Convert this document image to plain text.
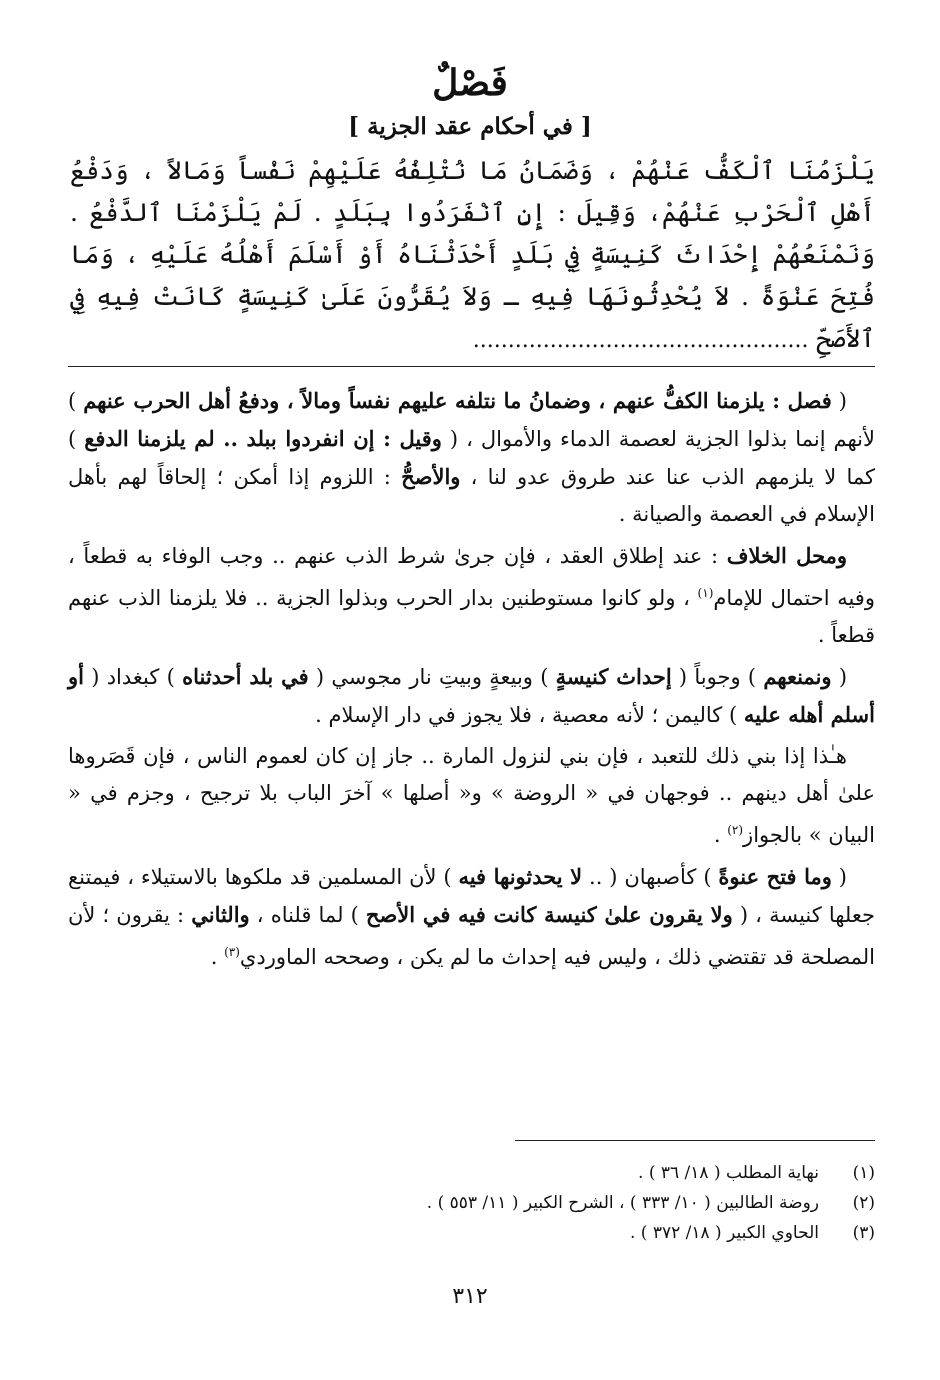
فَصْلٌ
[ في أحكام عقد الجزية ]
يَلْزَمُنَا ٱلْكَفُّ عَنْهُمْ ، وَضَمَانُ مَا نُتْلِفُهُ عَلَيْهِمْ نَفْساً وَمَالاً ، وَدَفْعُ أَهْلِ ٱلْحَرْبِ عَنْهُمْ، وَقِيلَ : إِنِ ٱنْفَرَدُوا بِبَلَدٍ . لَمْ يَلْزَمْنَا ٱلدَّفْعُ . وَنَمْنَعُهُمْ إِحْدَاثَ كَنِيسَةٍ فِي بَلَدٍ أَحْدَثْنَاهُ أَوْ أَسْلَمَ أَهْلُهُ عَلَيْهِ ، وَمَا فُتِحَ عَنْوَةً . لاَ يُحْدِثُونَهَا فِيهِ ـ وَلاَ يُقَرُّونَ عَلَىٰ كَنِيسَةٍ كَانَتْ فِيهِ فِي ٱلأَصَحِّ ................................................

( فصل : يلزمنا الكفُّ عنهم ، وضمانُ ما نتلفه عليهم نفساً ومالاً ، ودفعُ أهل الحرب عنهم ) لأنهم إنما بذلوا الجزية لعصمة الدماء والأموال ، ( وقيل : إن انفردوا ببلد .. لم يلزمنا الدفع ) كما لا يلزمهم الذب عنا عند طروق عدو لنا ، والأصحُّ : اللزوم إذا أمكن ؛ إلحاقاً لهم بأهل الإسلام في العصمة والصيانة .

ومحل الخلاف : عند إطلاق العقد ، فإن جرىٰ شرط الذب عنهم .. وجب الوفاء به قطعاً ، وفيه احتمال للإمام$^{(١)}$ ، ولو كانوا مستوطنين بدار الحرب وبذلوا الجزية .. فلا يلزمنا الذب عنهم قطعاً .

( ونمنعهم ) وجوباً ( إحداث كنيسةٍ ) وبيعةٍ وبيتِ نار مجوسي ( في بلد أحدثناه ) كبغداد ( أو أسلم أهله عليه ) كاليمن ؛ لأنه معصية ، فلا يجوز في دار الإسلام .

هـٰذا إذا بني ذلك للتعبد ، فإن بني لنزول المارة .. جاز إن كان لعموم الناس ، فإن قَصَروها علىٰ أهل دينهم .. فوجهان في « الروضة » و« أصلها » آخرَ الباب بلا ترجيح ، وجزم في « البيان » بالجواز$^{(٢)}$ .

( وما فتح عنوةً ) كأصبهان ( .. لا يحدثونها فيه ) لأن المسلمين قد ملكوها بالاستيلاء ، فيمتنع جعلها كنيسة ، ( ولا يقرون علىٰ كنيسة كانت فيه في الأصح ) لما قلناه ، والثاني : يقرون ؛ لأن المصلحة قد تقتضي ذلك ، وليس فيه إحداث ما لم يكن ، وصححه الماوردي$^{(٣)}$ .

(١)
نهاية المطلب ( ١٨/ ٣٦ ) .
(٢)
روضة الطالبين ( ١٠/ ٣٣٣ ) ، الشرح الكبير ( ١١/ ٥٥٣ ) .
(٣)
الحاوي الكبير ( ١٨/ ٣٧٢ ) .
٣١٢
